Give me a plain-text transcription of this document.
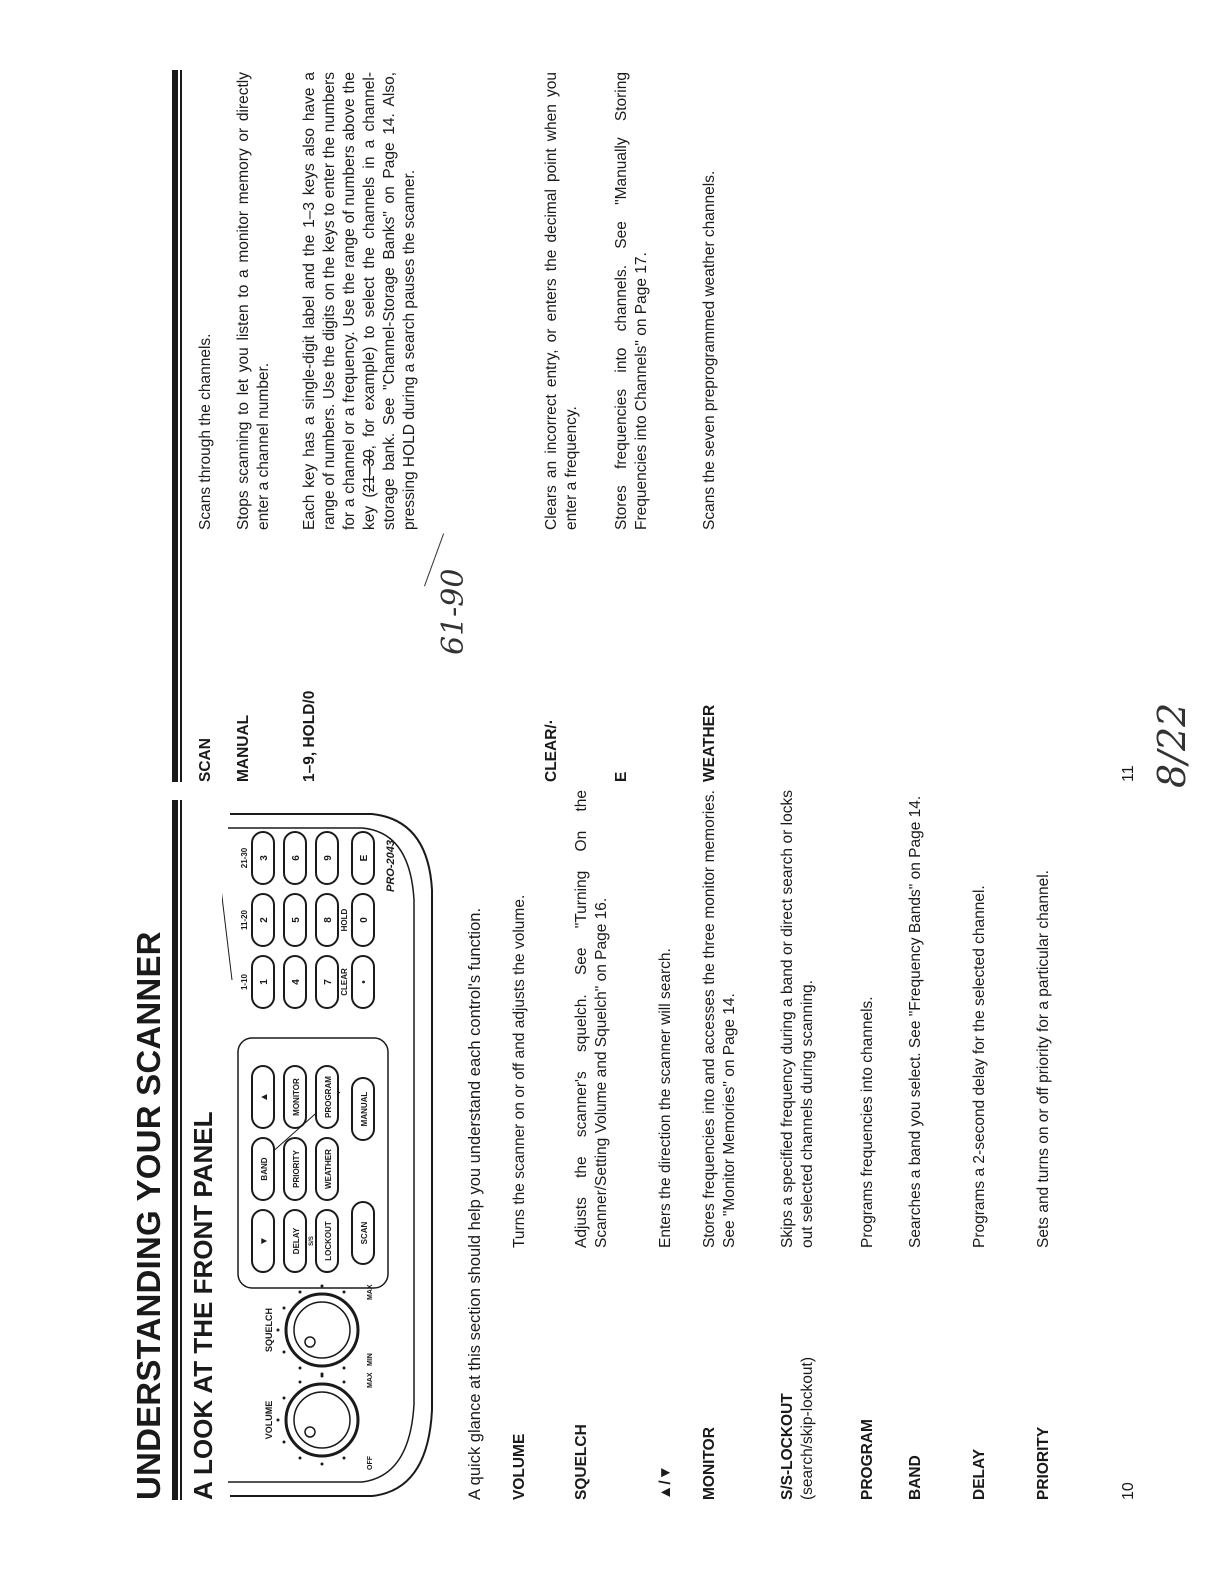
UNDERSTANDING YOUR SCANNER A LOOK AT THE FRONT PANEL	VOLUME
SQUELCH
OFF
MAX
MIN
MAX
▼
BAND
▲
DELAY
PRIORITY
MONITOR
S/S LOCKOUT
WEATHER
PROGRAM
SCAN
MANUAL
1
2
3
4
5
6
7
8
9
•
0
E
1-10
11-20
21-30
CLEAR
HOLD
PRO-2043

A quick glance at this section should help you understand each control's function. VOLUME
Turns the scanner on or off and adjusts the volume.
SQUELCH
Adjusts the scanner's squelch. See "Turning On the Scanner/Setting Volume and Squelch" on Page 16.
▲/▼
Enters the direction the scanner will search.
MONITOR
Stores frequencies into and accesses the three monitor memories. See "Monitor Memories" on Page 14.
S/S-LOCKOUT (search/skip-lockout)
Skips a specified frequency during a band or direct search or locks out selected channels during scanning.
PROGRAM
Programs frequencies into channels.
BAND
Searches a band you select. See "Frequency Bands" on Page 14.
DELAY
Programs a 2-second delay for the selected channel.
PRIORITY
Sets and turns on or off priority for a particular channel.
10
SCAN
Scans through the channels.
MANUAL
Stops scanning to let you listen to a monitor memory or directly enter a channel number.
1–9, HOLD/0
Each key has a single-digit label and the 1–3 keys also have a range of numbers. Use the digits on the keys to enter the numbers for a channel or a frequency. Use the range of numbers above the key (21–30, for example) to select the channels in a channel-storage bank. See "Channel-Storage Banks" on Page 14. Also, pressing HOLD during a search pauses the scanner.
CLEAR/·
Clears an incorrect entry, or enters the decimal point when you enter a frequency.
E
Stores frequencies into channels. See "Manually Storing Frequencies into Channels" on Page 17.
WEATHER
Scans the seven preprogrammed weather channels.
61-90
11 8/22
